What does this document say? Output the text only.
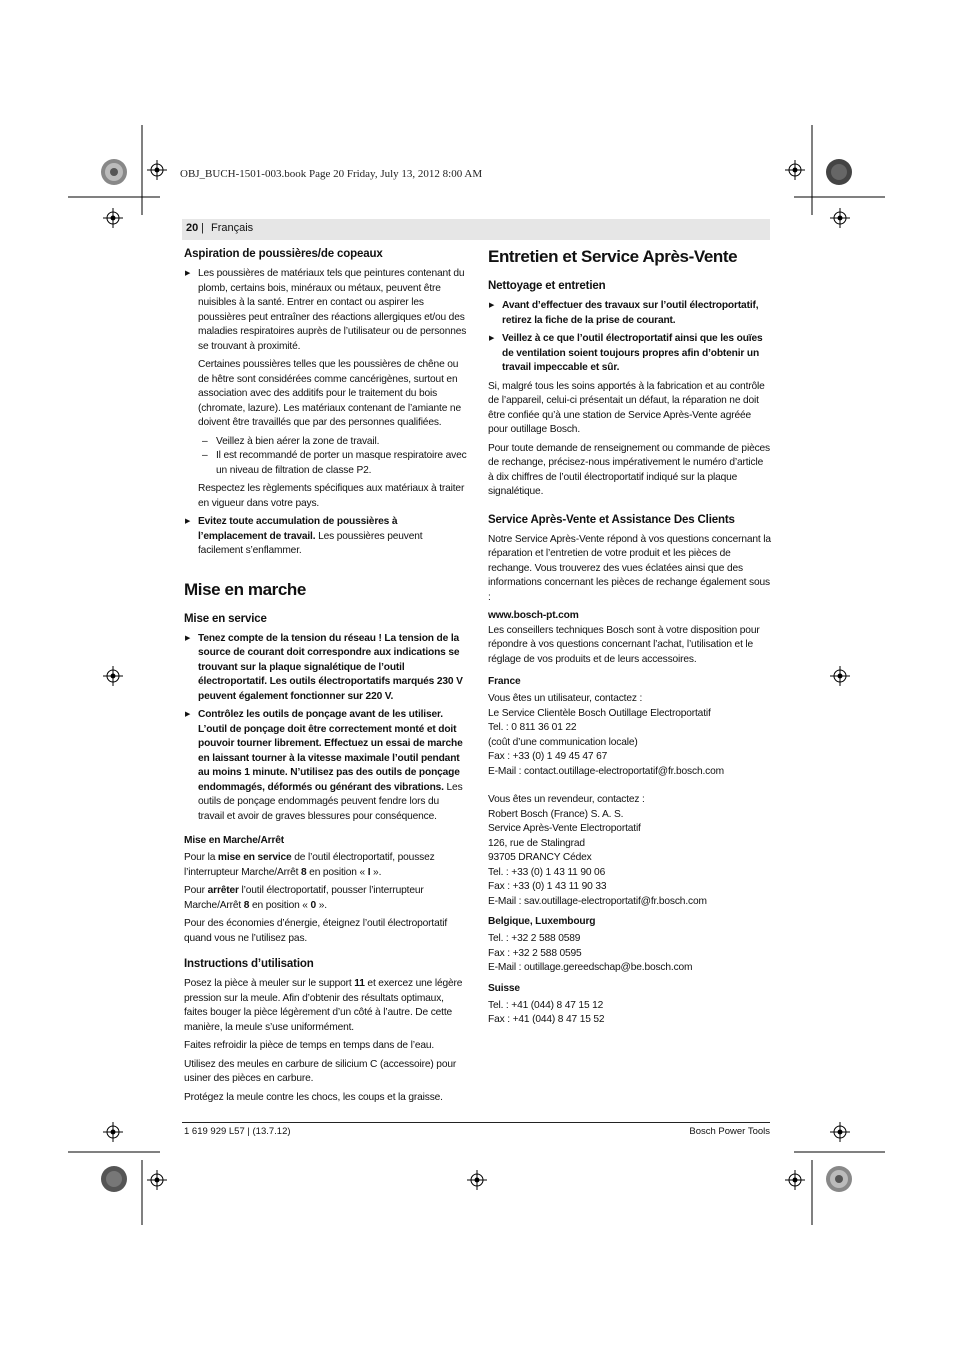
OBJ_BUCH-1501-003.book Page 20 Friday, July 13, 2012 8:00 AM
20 | Français
Aspiration de poussières/de copeaux

▶ Les poussières de matériaux tels que peintures contenant du plomb, certains bois, minéraux ou métaux, peuvent être nuisibles à la santé. Entrer en contact ou aspirer les poussières peut entraîner des réactions allergiques et/ou des maladies respiratoires auprès de l’utilisateur ou de personnes se trouvant à proximité.

Certaines poussières telles que les poussières de chêne ou de hêtre sont considérées comme cancérigènes, surtout en association avec des additifs pour le traitement du bois (chromate, lazure). Les matériaux contenant de l’amiante ne doivent être travaillés que par des personnes qualifiées.

– Veillez à bien aérer la zone de travail.

– Il est recommandé de porter un masque respiratoire avec un niveau de filtration de classe P2.

Respectez les règlements spécifiques aux matériaux à traiter en vigueur dans votre pays.

▶ Evitez toute accumulation de poussières à l’emplacement de travail. Les poussières peuvent facilement s’enflammer.
Mise en marche
Mise en service
▶ Tenez compte de la tension du réseau ! La tension de la source de courant doit correspondre aux indications se trouvant sur la plaque signalétique de l’outil électroportatif. Les outils électroportatifs marqués 230 V peuvent également fonctionner sur 220 V.
▶ Contrôlez les outils de ponçage avant de les utiliser. L’outil de ponçage doit être correctement monté et doit pouvoir tourner librement. Effectuez un essai de marche en laissant tourner à la vitesse maximale l’outil pendant au moins 1 minute. N’utilisez pas des outils de ponçage endommagés, déformés ou générant des vibrations. Les outils de ponçage endommagés peuvent fendre lors du travail et avoir de graves blessures pour conséquence.
Mise en Marche/Arrêt

Pour la mise en service de l’outil électroportatif, poussez l’interrupteur Marche/Arrêt 8 en position « I ».

Pour arrêter l’outil électroportatif, pousser l’interrupteur Marche/Arrêt 8 en position « 0 ».

Pour des économies d’énergie, éteignez l’outil électroportatif quand vous ne l’utilisez pas.

Instructions d’utilisation

Posez la pièce à meuler sur le support 11 et exercez une légère pression sur la meule. Afin d’obtenir des résultats optimaux, faites bouger la pièce légèrement d’un côté à l’autre. De cette manière, la meule s’use uniformément.

Faites refroidir la pièce de temps en temps dans de l’eau.

Utilisez des meules en carbure de silicium C (accessoire) pour usiner des pièces en carbure.

Protégez la meule contre les chocs, les coups et la graisse.

Entretien et Service Après-Vente
Nettoyage et entretien
▶ Avant d’effectuer des travaux sur l’outil électroportatif, retirez la fiche de la prise de courant.
▶ Veillez à ce que l’outil électroportatif ainsi que les ouïes de ventilation soient toujours propres afin d’obtenir un travail impeccable et sûr.

Si, malgré tous les soins apportés à la fabrication et au contrôle de l’appareil, celui-ci présentait un défaut, la réparation ne doit être confiée qu’à une station de Service Après-Vente agréée pour outillage Bosch.

Pour toute demande de renseignement ou commande de pièces de rechange, précisez-nous impérativement le numéro d’article à dix chiffres de l’outil électroportatif indiqué sur la plaque signalétique.

Service Après-Vente et Assistance Des Clients

Notre Service Après-Vente répond à vos questions concernant la réparation et l’entretien de votre produit et les pièces de rechange. Vous trouverez des vues éclatées ainsi que des informations concernant les pièces de rechange également sous :

www.bosch-pt.com

Les conseillers techniques Bosch sont à votre disposition pour répondre à vos questions concernant l’achat, l’utilisation et le réglage de vos produits et de leurs accessoires.

France
Vous êtes un utilisateur, contactez :
Le Service Clientèle Bosch Outillage Electroportatif
Tel. : 0 811 36 01 22
(coût d’une communication locale)
Fax : +33 (0) 1 49 45 47 67
E-Mail : contact.outillage-electroportatif@fr.bosch.com
Vous êtes un revendeur, contactez :
Robert Bosch (France) S. A. S.
Service Après-Vente Electroportatif
126, rue de Stalingrad
93705 DRANCY Cédex
Tel. : +33 (0) 1 43 11 90 06
Fax : +33 (0) 1 43 11 90 33
E-Mail : sav.outillage-electroportatif@fr.bosch.com
Belgique, Luxembourg
Tel. : +32 2 588 0589
Fax : +32 2 588 0595
E-Mail : outillage.gereedschap@be.bosch.com
Suisse
Tel. : +41 (044) 8 47 15 12
Fax : +41 (044) 8 47 15 52
1 619 929 L57 | (13.7.12)	Bosch Power Tools
